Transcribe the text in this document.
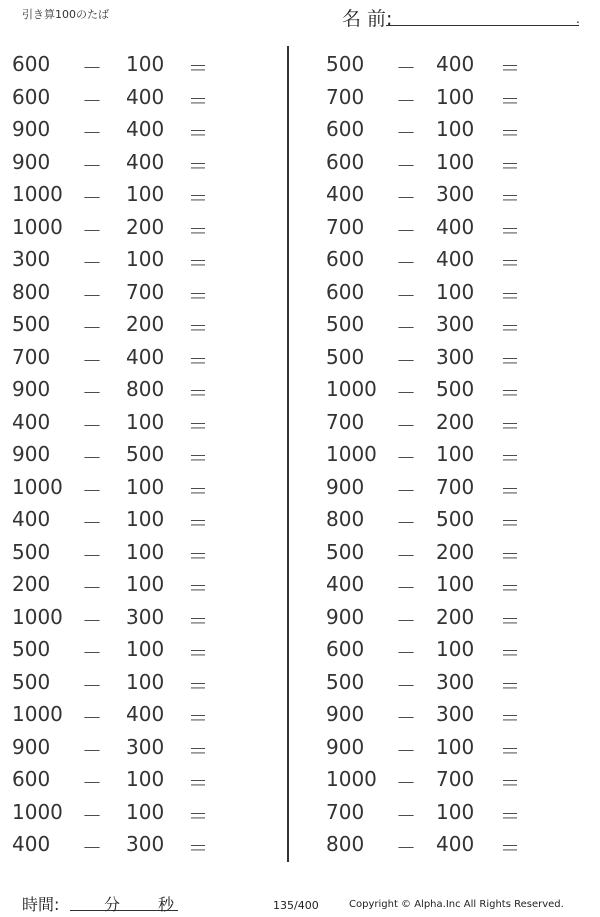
引き算100のたば	名 前:	.
600 － 100 ＝
600 － 400 ＝
900 － 400 ＝
900 － 400 ＝
1000 － 100 ＝
1000 － 200 ＝
300 － 100 ＝
800 － 700 ＝
500 － 200 ＝
700 － 400 ＝
900 － 800 ＝
400 － 100 ＝
900 － 500 ＝
1000 － 100 ＝
400 － 100 ＝
500 － 100 ＝
200 － 100 ＝
1000 － 300 ＝
500 － 100 ＝
500 － 100 ＝
1000 － 400 ＝
900 － 300 ＝
600 － 100 ＝
1000 － 100 ＝
400 － 300 ＝
500 － 400 ＝
700 － 100 ＝
600 － 100 ＝
600 － 100 ＝
400 － 300 ＝
700 － 400 ＝
600 － 400 ＝
600 － 100 ＝
500 － 300 ＝
500 － 300 ＝
1000 － 500 ＝
700 － 200 ＝
1000 － 100 ＝
900 － 700 ＝
800 － 500 ＝
500 － 200 ＝
400 － 100 ＝
900 － 200 ＝
600 － 100 ＝
500 － 300 ＝
900 － 300 ＝
900 － 100 ＝
1000 － 700 ＝
700 － 100 ＝
800 － 400 ＝
時間:	分 秒	135/400	Copyright © Alpha.Inc All Rights Reserved.
